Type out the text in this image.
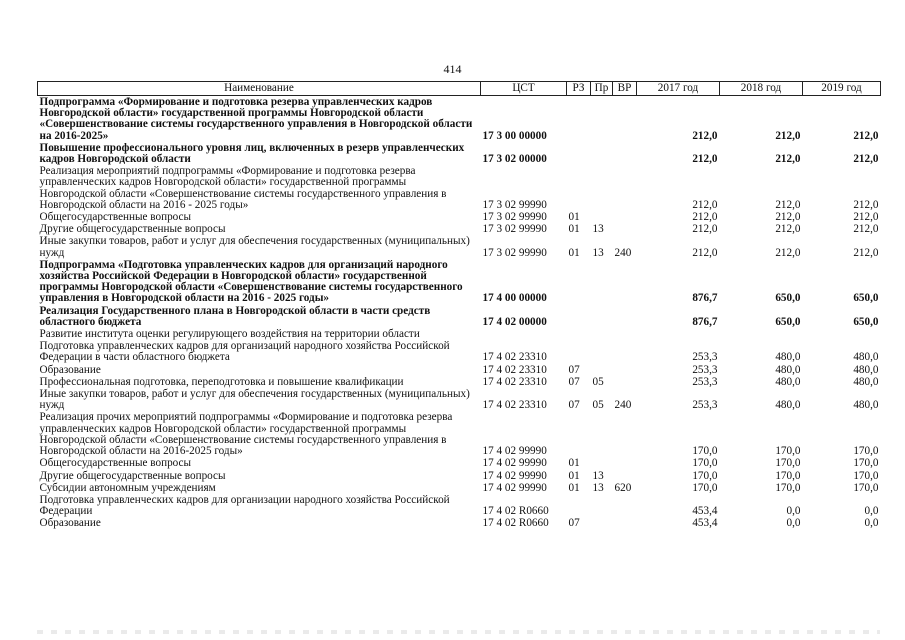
414
Наименование	ЦСТ	РЗ	Пр	ВР	2017 год	2018 год	2019 год
Подпрограмма «Формирование и подготовка резерва управленческих кадров Новгородской области» государственной программы Новгородской области «Совершенствование системы государственного управления в Новгородской области на 2016-2025»	17 3 00 00000				212,0	212,0	212,0
Повышение профессионального уровня лиц, включенных в резерв управленческих кадров Новгородской области	17 3 02 00000				212,0	212,0	212,0
Реализация мероприятий подпрограммы «Формирование и подготовка резерва управленческих кадров Новгородской области» государственной программы Новгородской области «Совершенствование системы государственного управления в Новгородской области на 2016 - 2025 годы»	17 3 02 99990				212,0	212,0	212,0
Общегосударственные вопросы	17 3 02 99990	01			212,0	212,0	212,0
Другие общегосударственные вопросы	17 3 02 99990	01	13		212,0	212,0	212,0
Иные закупки товаров, работ и услуг для обеспечения государственных (муниципальных) нужд	17 3 02 99990	01	13	240	212,0	212,0	212,0
Подпрограмма «Подготовка управленческих кадров для организаций народного хозяйства Российской Федерации в Новгородской области» государственной программы Новгородской области «Совершенствование системы государственного управления в Новгородской области на 2016 - 2025 годы»	17 4 00 00000				876,7	650,0	650,0
Реализация Государственного плана в Новгородской области в части средств областного бюджета	17 4 02 00000				876,7	650,0	650,0
Развитие института оценки регулирующего воздействия на территории области							
Подготовка управленческих кадров для организаций народного хозяйства Российской Федерации в части областного бюджета	17 4 02 23310				253,3	480,0	480,0
Образование	17 4 02 23310	07			253,3	480,0	480,0
Профессиональная подготовка, переподготовка и повышение квалификации	17 4 02 23310	07	05		253,3	480,0	480,0
Иные закупки товаров, работ и услуг для обеспечения государственных (муниципальных) нужд	17 4 02 23310	07	05	240	253,3	480,0	480,0
Реализация прочих мероприятий подпрограммы «Формирование и подготовка резерва управленческих кадров Новгородской области» государственной программы Новгородской области «Совершенствование системы государственного управления в Новгородской области на 2016-2025 годы»	17 4 02 99990				170,0	170,0	170,0
Общегосударственные вопросы	17 4 02 99990	01			170,0	170,0	170,0
Другие общегосударственные вопросы	17 4 02 99990	01	13		170,0	170,0	170,0
Субсидии автономным учреждениям	17 4 02 99990	01	13	620	170,0	170,0	170,0
Подготовка управленческих кадров для организации народного хозяйства Российской Федерации	17 4 02 R0660				453,4	0,0	0,0
Образование	17 4 02 R0660	07			453,4	0,0	0,0
